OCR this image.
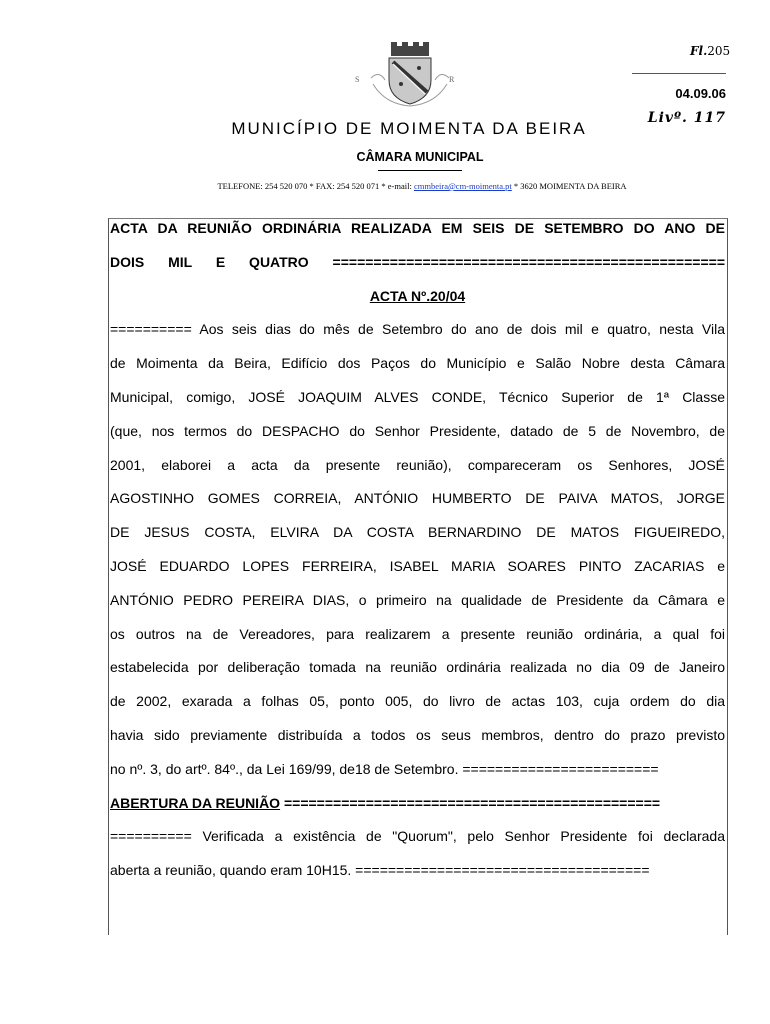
S	R
Fl.205
04.09.06
Livº. 117
MUNICÍPIO DE MOIMENTA DA BEIRA
CÂMARA MUNICIPAL
TELEFONE: 254 520 070 * FAX: 254 520 071 * e-mail: cmmbeira@cm-moimenta.pt * 3620 MOIMENTA DA BEIRA
ACTA DA REUNIÃO ORDINÁRIA REALIZADA EM SEIS DE SETEMBRO DO ANO DE
DOIS MIL E QUATRO ================================================
ACTA Nº.20/04
========== Aos seis dias do mês de Setembro do ano de dois mil e quatro, nesta Vila
de Moimenta da Beira, Edifício dos Paços do Município e Salão Nobre desta Câmara
Municipal, comigo, JOSÉ JOAQUIM ALVES CONDE, Técnico Superior de 1ª Classe
(que, nos termos do DESPACHO do Senhor Presidente, datado de 5 de Novembro, de
2001, elaborei a acta da presente reunião), compareceram os Senhores, JOSÉ
AGOSTINHO GOMES CORREIA, ANTÓNIO HUMBERTO DE PAIVA MATOS, JORGE
DE JESUS COSTA, ELVIRA DA COSTA BERNARDINO DE MATOS FIGUEIREDO,
JOSÉ EDUARDO LOPES FERREIRA, ISABEL MARIA SOARES PINTO ZACARIAS e
ANTÓNIO PEDRO PEREIRA DIAS, o primeiro na qualidade de Presidente da Câmara e
os outros na de Vereadores, para realizarem a presente reunião ordinária, a qual foi
estabelecida por deliberação tomada na reunião ordinária realizada no dia 09 de Janeiro
de 2002, exarada a folhas 05, ponto 005, do livro de actas 103, cuja ordem do dia
havia sido previamente distribuída a todos os seus membros, dentro do prazo previsto
no nº. 3, do artº. 84º., da Lei 169/99, de18 de Setembro. ========================
ABERTURA DA REUNIÃO ==============================================
========== Verificada a existência de "Quorum", pelo Senhor Presidente foi declarada
aberta a reunião, quando eram 10H15. ====================================
